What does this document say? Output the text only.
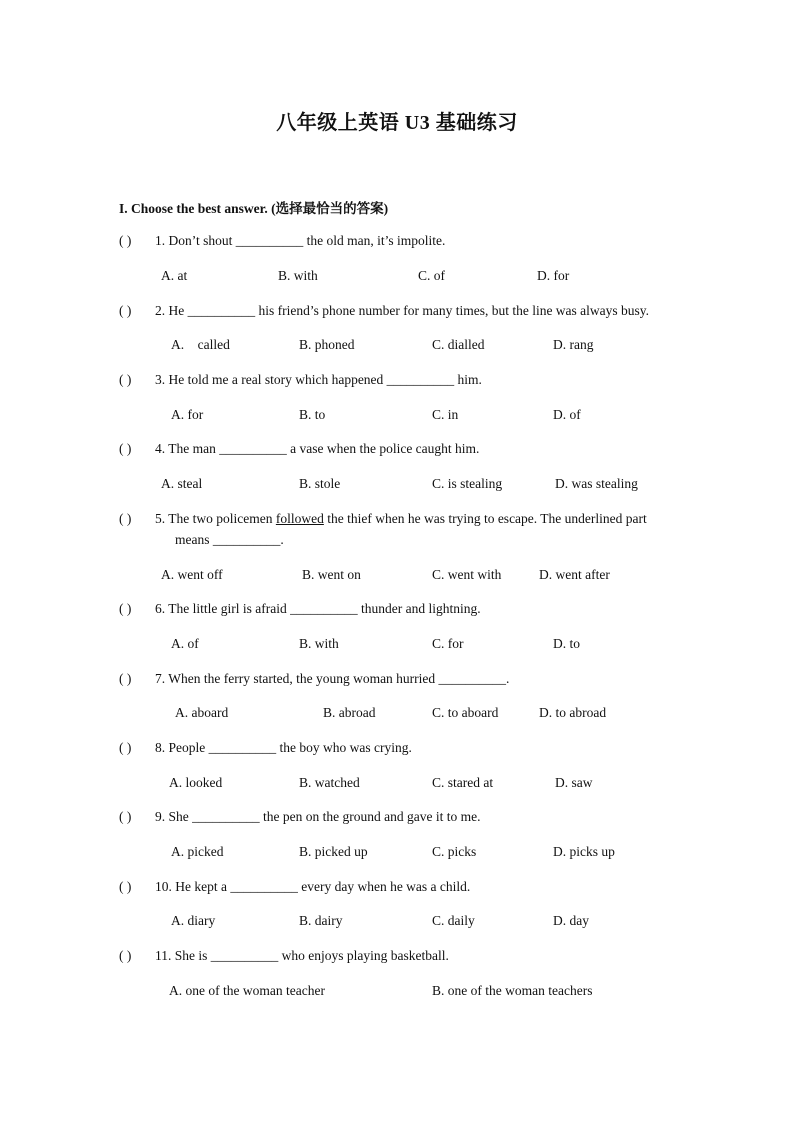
八年级上英语 U3 基础练习
I. Choose the best answer. (选择最恰当的答案)
( ) 1. Don’t shout __________ the old man, it’s impolite.
A. at	B. with	C. of	D. for
( ) 2. He __________ his friend’s phone number for many times, but the line was always busy.
A.    called	B. phoned	C. dialled	D. rang
( ) 3. He told me a real story which happened __________ him.
A. for	B. to	C. in	D. of
( ) 4. The man __________ a vase when the police caught him.
A. steal	B. stole	C. is stealing	D. was stealing
( ) 5. The two policemen followed the thief when he was trying to escape. The underlined part
means __________.
A. went off	B. went on	C. went with	D. went after
( ) 6. The little girl is afraid __________ thunder and lightning.
A. of	B. with	C. for	D. to
( ) 7. When the ferry started, the young woman hurried __________.
A. aboard	B. abroad	C. to aboard	D. to abroad
( ) 8. People __________ the boy who was crying.
A. looked	B. watched	C. stared at	D. saw
( ) 9. She __________ the pen on the ground and gave it to me.
A. picked	B. picked up	C. picks	D. picks up
( ) 10. He kept a __________ every day when he was a child.
A. diary	B. dairy	C. daily	D. day
( ) 11. She is __________ who enjoys playing basketball.
A. one of the woman teacher	B. one of the woman teachers
